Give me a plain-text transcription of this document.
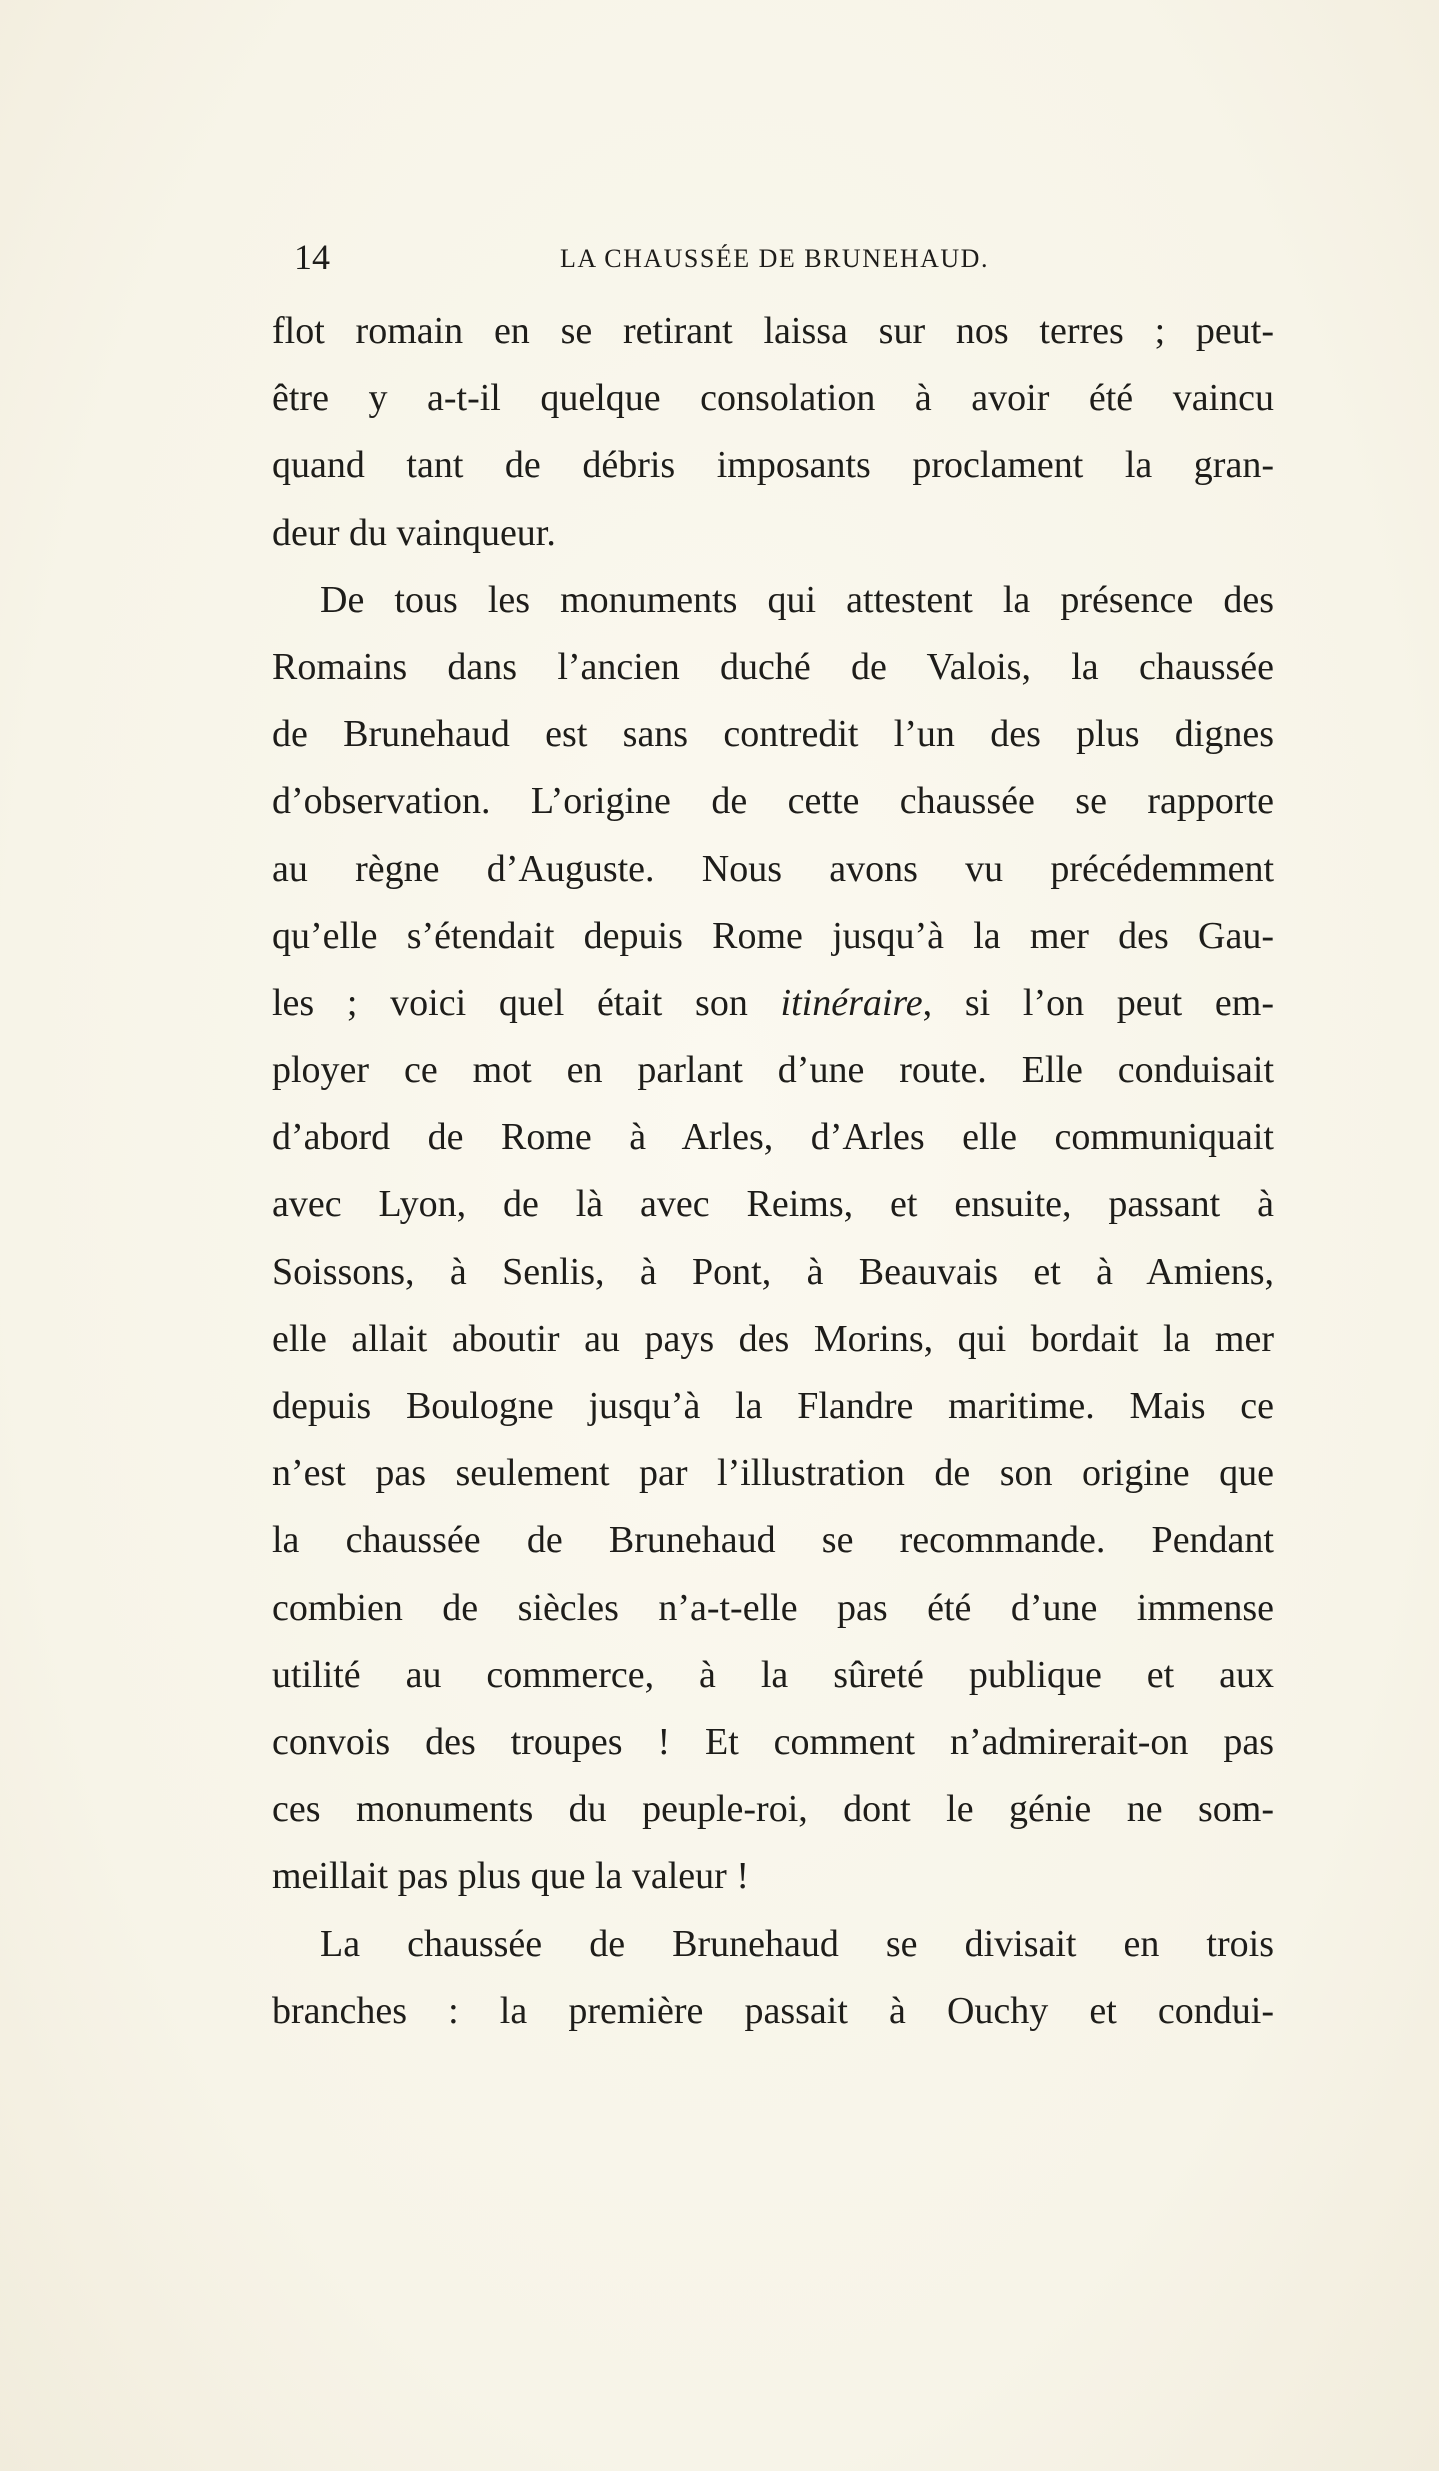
14	LA CHAUSSÉE DE BRUNEHAUD.
flot romain en se retirant laissa sur nos terres ; peut-
être y a-t-il quelque consolation à avoir été vaincu
quand tant de débris imposants proclament la gran-
deur du vainqueur.
De tous les monuments qui attestent la présence des
Romains dans l’ancien duché de Valois, la chaussée
de Brunehaud est sans contredit l’un des plus dignes
d’observation. L’origine de cette chaussée se rapporte
au règne d’Auguste. Nous avons vu précédemment
qu’elle s’étendait depuis Rome jusqu’à la mer des Gau-
les ; voici quel était son itinéraire, si l’on peut em-
ployer ce mot en parlant d’une route. Elle conduisait
d’abord de Rome à Arles, d’Arles elle communiquait
avec Lyon, de là avec Reims, et ensuite, passant à
Soissons, à Senlis, à Pont, à Beauvais et à Amiens,
elle allait aboutir au pays des Morins, qui bordait la mer
depuis Boulogne jusqu’à la Flandre maritime. Mais ce
n’est pas seulement par l’illustration de son origine que
la chaussée de Brunehaud se recommande. Pendant
combien de siècles n’a-t-elle pas été d’une immense
utilité au commerce, à la sûreté publique et aux
convois des troupes ! Et comment n’admirerait-on pas
ces monuments du peuple-roi, dont le génie ne som-
meillait pas plus que la valeur !
La chaussée de Brunehaud se divisait en trois
branches : la première passait à Ouchy et condui-
